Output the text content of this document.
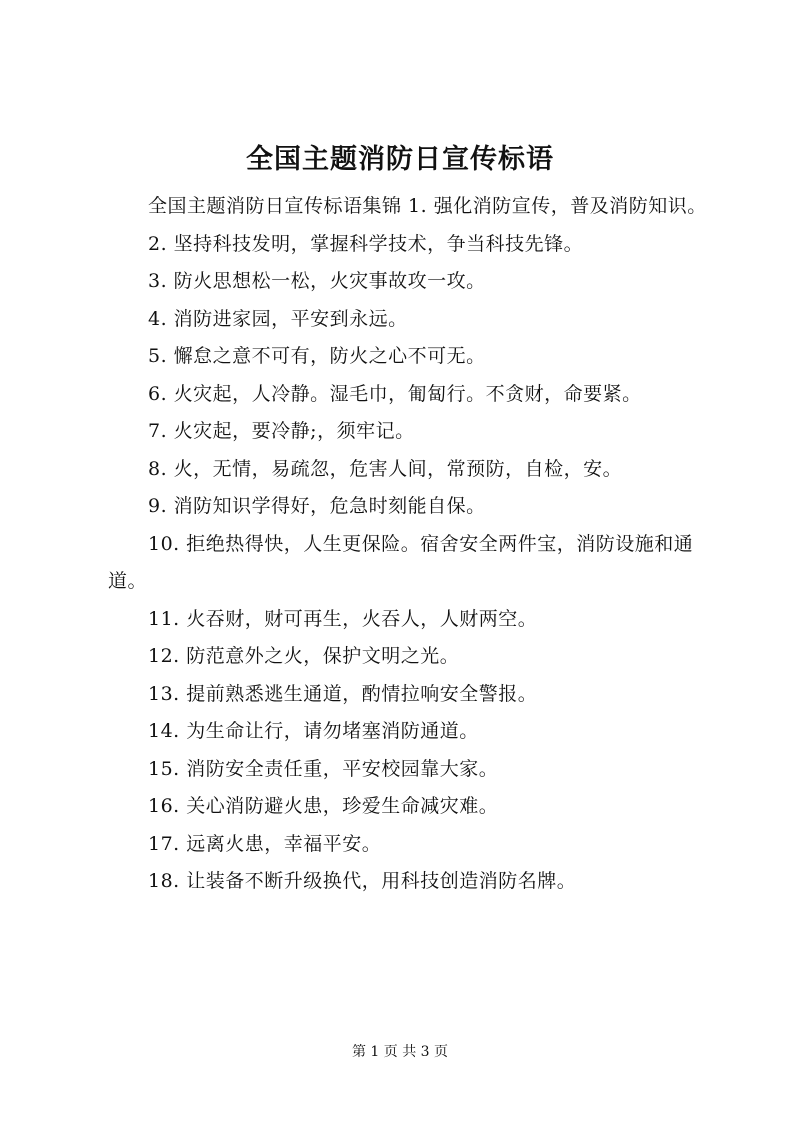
全国主题消防日宣传标语

全国主题消防日宣传标语集锦 1. 强化消防宣传，普及消防知识。

2. 坚持科技发明，掌握科学技术，争当科技先锋。

3. 防火思想松一松，火灾事故攻一攻。

4. 消防进家园，平安到永远。

5. 懈怠之意不可有，防火之心不可无。

6. 火灾起，人冷静。湿毛巾，匍匐行。不贪财，命要紧。

7. 火灾起，要冷静;，须牢记。

8. 火，无情，易疏忽，危害人间，常预防，自检，安。

9. 消防知识学得好，危急时刻能自保。

10. 拒绝热得快，人生更保险。宿舍安全两件宝，消防设施和通道。

11. 火吞财，财可再生，火吞人，人财两空。

12. 防范意外之火，保护文明之光。

13. 提前熟悉逃生通道，酌情拉响安全警报。

14. 为生命让行，请勿堵塞消防通道。

15. 消防安全责任重，平安校园靠大家。

16. 关心消防避火患，珍爱生命减灾难。

17. 远离火患，幸福平安。

18. 让装备不断升级换代，用科技创造消防名牌。

第 1 页 共 3 页
